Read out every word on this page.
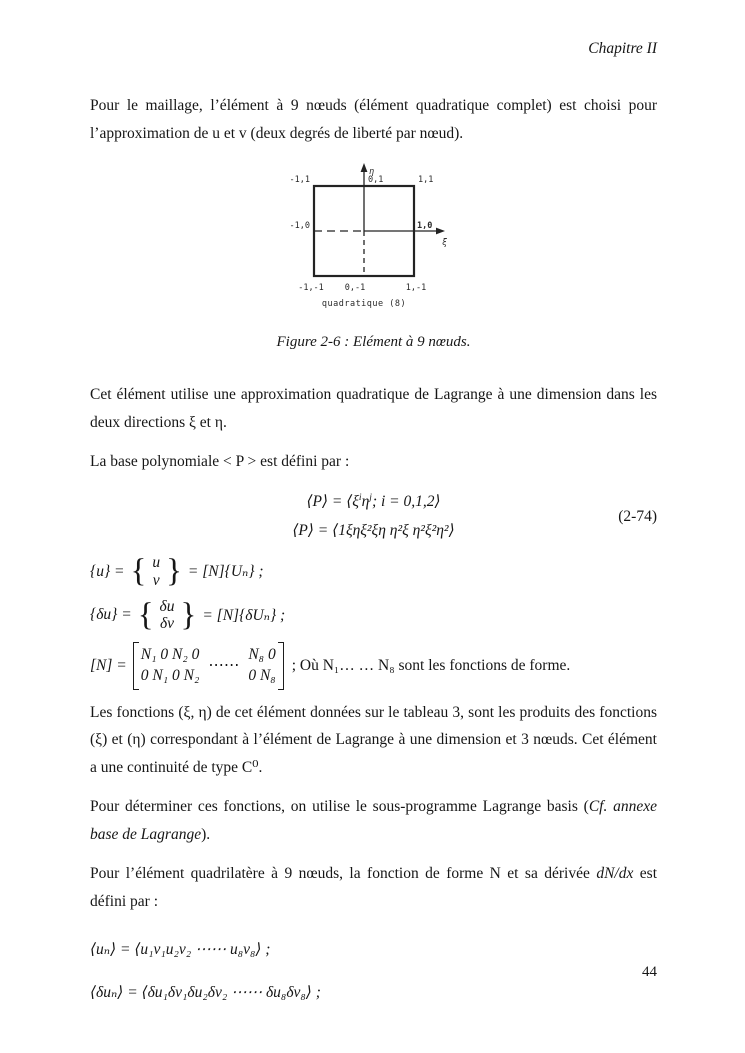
Chapitre II

Pour le maillage, l’élément à 9 nœuds (élément quadratique complet) est choisi pour l’approximation de u et v (deux degrés de liberté par nœud).

η
ξ
-1,1	0,1	1,1
-1,0	1,0
-1,-1 0,-1	1,-1
quadratique (8)
Figure 2-6 : Elément à 9 nœuds.

Cet élément utilise une approximation quadratique de Lagrange à une dimension dans les deux directions ξ et η.

La base polynomiale < P > est défini par :

⟨P⟩ = $⟨\xi^i\eta^j$; i = 0,1,2⟩
⟨P⟩ = ⟨1ξηξ²ξη η²ξ η²ξ²η²⟩
(2-74)
{u} = { u
v } = [N]{Uₙ} ;
{δu} = { δu
δv } = [N]{δUₙ} ;
[N] =
N₁ 0 N₂ 0
0 N₁ 0 N₂
⋯⋯
N₈ 0
0 N₈
; Où N₁… … N₈ sont les fonctions de forme.

Les fonctions (ξ, η) de cet élément données sur le tableau 3, sont les produits des fonctions (ξ) et (η) correspondant à l’élément de Lagrange à une dimension et 3 nœuds. Cet élément a une continuité de type C⁰.

Pour déterminer ces fonctions, on utilise le sous-programme Lagrange basis (Cf. annexe base de Lagrange).

Pour l’élément quadrilatère à 9 nœuds, la fonction de forme N et sa dérivée dN/dx est défini par :

⟨uₙ⟩ = ⟨u₁v₁u₂v₂ ⋯⋯ u₈v₈⟩ ;
⟨δuₙ⟩ = ⟨δu₁δv₁δu₂δv₂ ⋯⋯ δu₈δv₈⟩ ;
44
